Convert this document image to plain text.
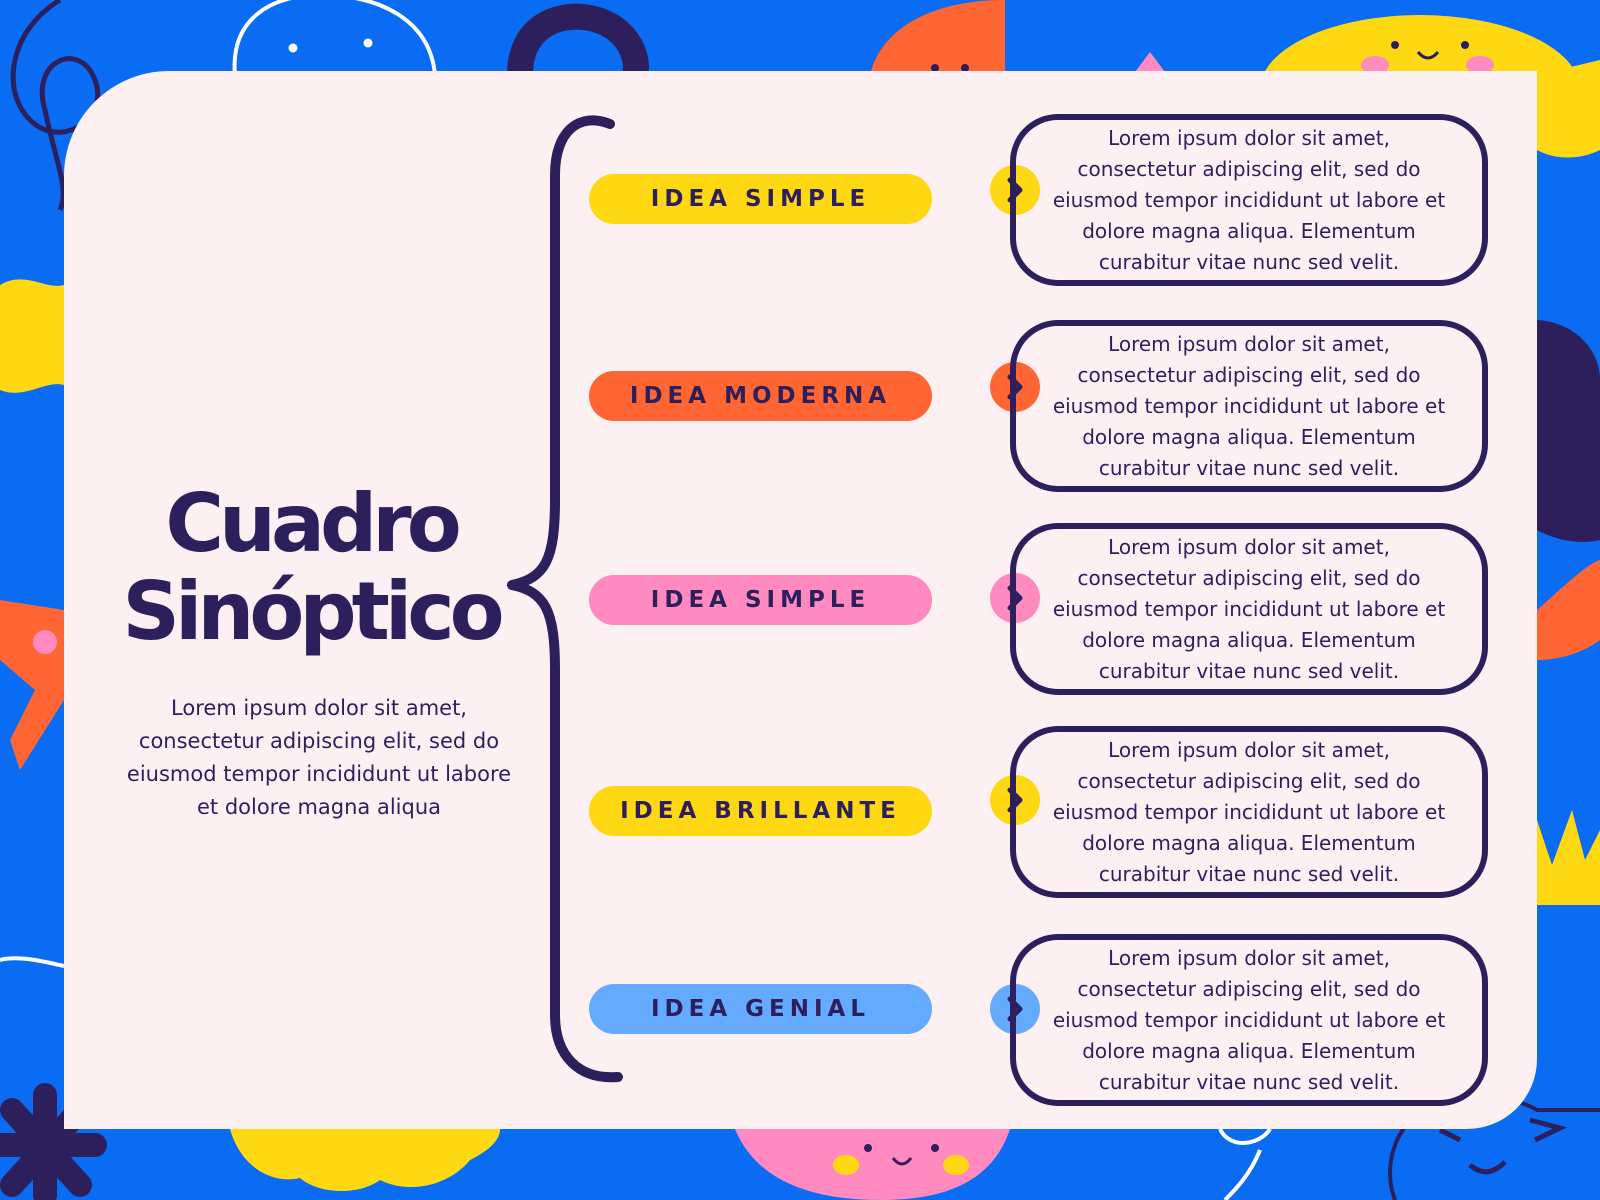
Cuadro
Sinóptico
Lorem ipsum dolor sit amet, consectetur adipiscing elit, sed do eiusmod tempor incididunt ut labore et dolore magna aliqua
IDEA SIMPLE
Lorem ipsum dolor sit amet,
consectetur adipiscing elit, sed do
eiusmod tempor incididunt ut labore et
dolore magna aliqua. Elementum
curabitur vitae nunc sed velit.
IDEA MODERNA
Lorem ipsum dolor sit amet,
consectetur adipiscing elit, sed do
eiusmod tempor incididunt ut labore et
dolore magna aliqua. Elementum
curabitur vitae nunc sed velit.
IDEA SIMPLE
Lorem ipsum dolor sit amet,
consectetur adipiscing elit, sed do
eiusmod tempor incididunt ut labore et
dolore magna aliqua. Elementum
curabitur vitae nunc sed velit.
IDEA BRILLANTE
Lorem ipsum dolor sit amet,
consectetur adipiscing elit, sed do
eiusmod tempor incididunt ut labore et
dolore magna aliqua. Elementum
curabitur vitae nunc sed velit.
IDEA GENIAL
Lorem ipsum dolor sit amet,
consectetur adipiscing elit, sed do
eiusmod tempor incididunt ut labore et
dolore magna aliqua. Elementum
curabitur vitae nunc sed velit.
